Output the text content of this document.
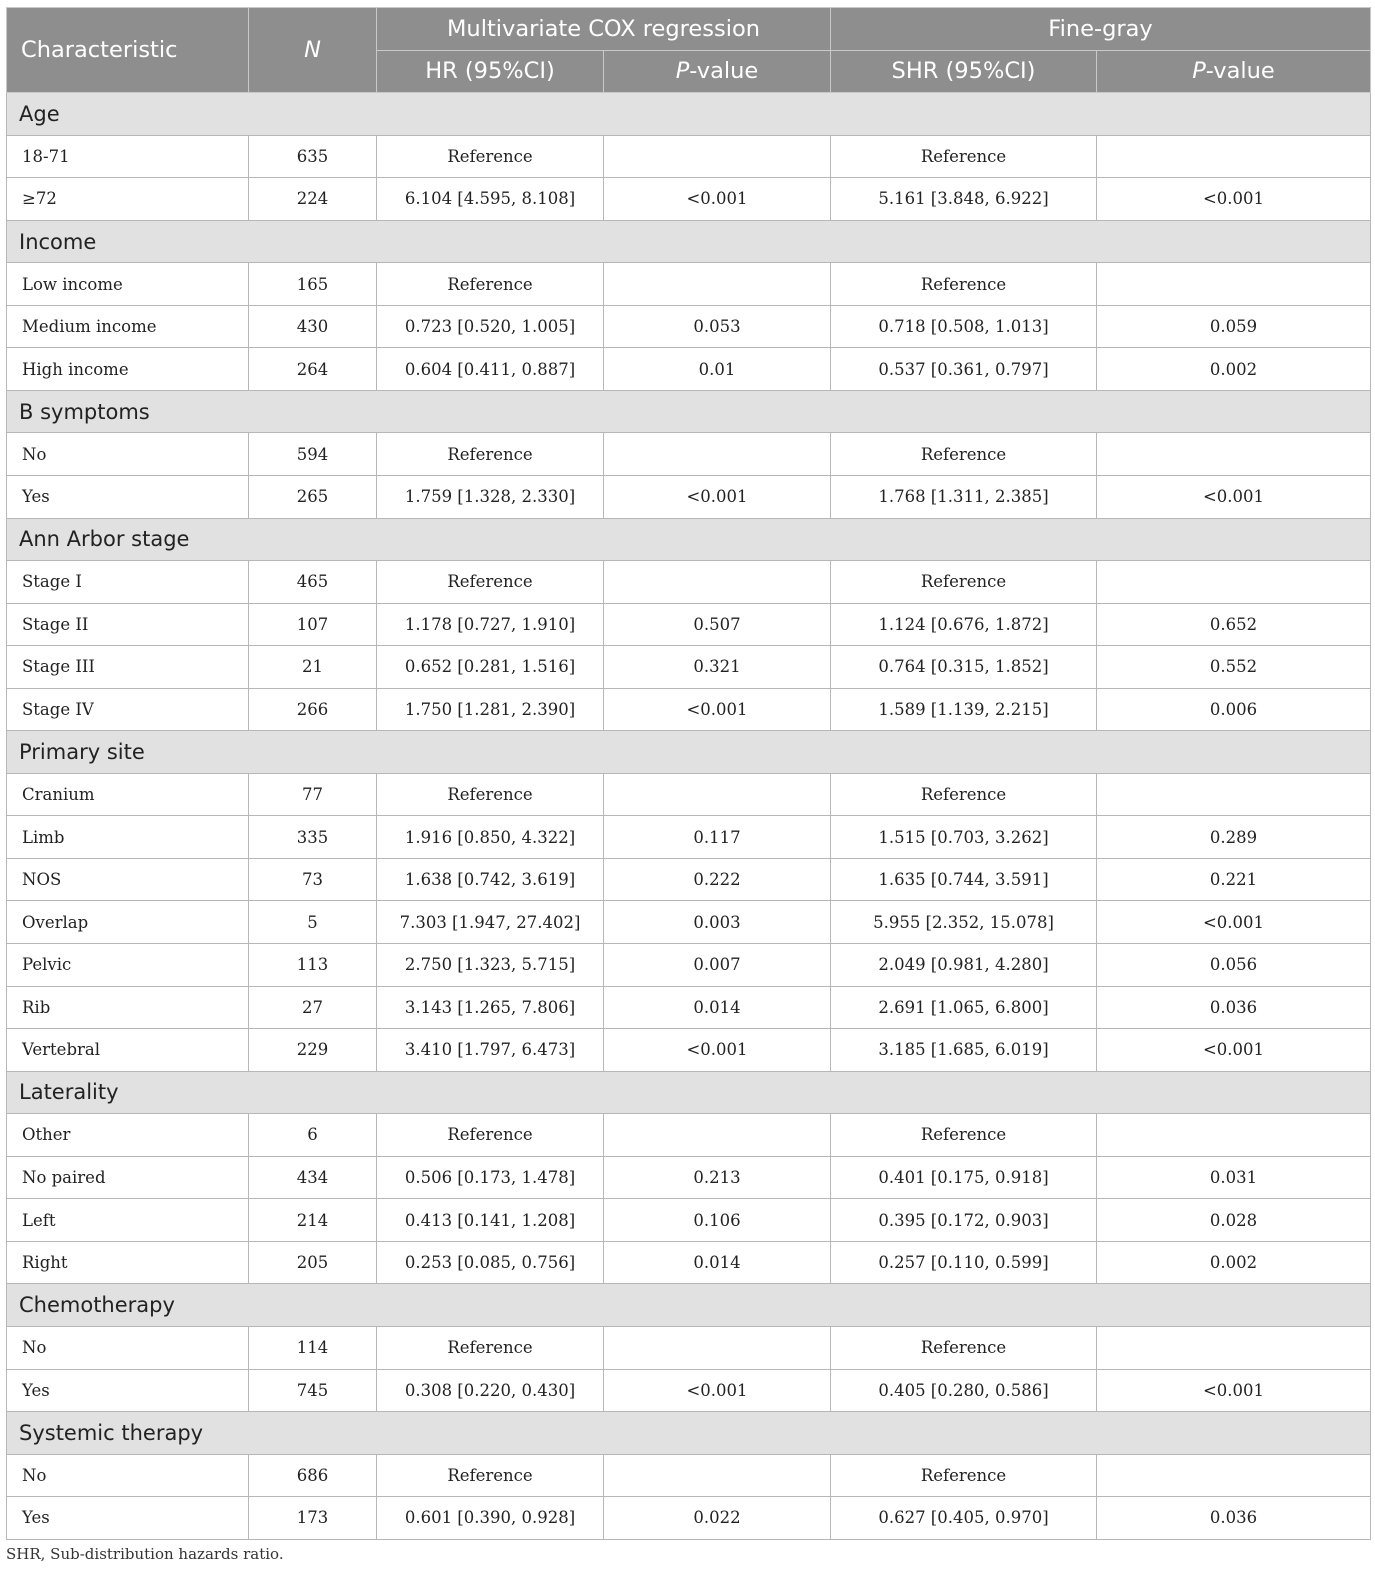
Characteristic	N	Multivariate COX regression		Fine-gray	
		HR (95%CI)	P-value	SHR (95%CI)	P-value
Age					
18-71	635	Reference		Reference	
≥72	224	6.104 [4.595, 8.108]	<0.001	5.161 [3.848, 6.922]	<0.001
Income					
Low income	165	Reference		Reference	
Medium income	430	0.723 [0.520, 1.005]	0.053	0.718 [0.508, 1.013]	0.059
High income	264	0.604 [0.411, 0.887]	0.01	0.537 [0.361, 0.797]	0.002
B symptoms					
No	594	Reference		Reference	
Yes	265	1.759 [1.328, 2.330]	<0.001	1.768 [1.311, 2.385]	<0.001
Ann Arbor stage					
Stage I	465	Reference		Reference	
Stage II	107	1.178 [0.727, 1.910]	0.507	1.124 [0.676, 1.872]	0.652
Stage III	21	0.652 [0.281, 1.516]	0.321	0.764 [0.315, 1.852]	0.552
Stage IV	266	1.750 [1.281, 2.390]	<0.001	1.589 [1.139, 2.215]	0.006
Primary site					
Cranium	77	Reference		Reference	
Limb	335	1.916 [0.850, 4.322]	0.117	1.515 [0.703, 3.262]	0.289
NOS	73	1.638 [0.742, 3.619]	0.222	1.635 [0.744, 3.591]	0.221
Overlap	5	7.303 [1.947, 27.402]	0.003	5.955 [2.352, 15.078]	<0.001
Pelvic	113	2.750 [1.323, 5.715]	0.007	2.049 [0.981, 4.280]	0.056
Rib	27	3.143 [1.265, 7.806]	0.014	2.691 [1.065, 6.800]	0.036
Vertebral	229	3.410 [1.797, 6.473]	<0.001	3.185 [1.685, 6.019]	<0.001
Laterality					
Other	6	Reference		Reference	
No paired	434	0.506 [0.173, 1.478]	0.213	0.401 [0.175, 0.918]	0.031
Left	214	0.413 [0.141, 1.208]	0.106	0.395 [0.172, 0.903]	0.028
Right	205	0.253 [0.085, 0.756]	0.014	0.257 [0.110, 0.599]	0.002
Chemotherapy					
No	114	Reference		Reference	
Yes	745	0.308 [0.220, 0.430]	<0.001	0.405 [0.280, 0.586]	<0.001
Systemic therapy					
No	686	Reference		Reference	
Yes	173	0.601 [0.390, 0.928]	0.022	0.627 [0.405, 0.970]	0.036
SHR, Sub-distribution hazards ratio.
